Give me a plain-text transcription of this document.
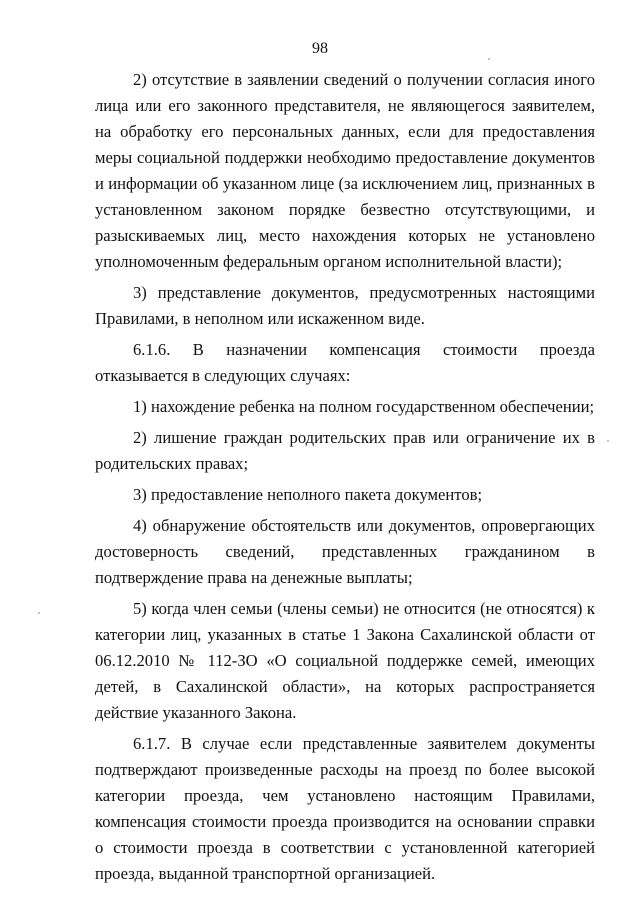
98

2) отсутствие в заявлении сведений о получении согласия иного лица или его законного представителя, не являющегося заявителем, на обработку его персональных данных, если для предоставления меры социальной поддержки необходимо предоставление документов и информации об указанном лице (за исключением лиц, признанных в установленном законом порядке безвестно отсутствующими, и разыскиваемых лиц, место нахождения которых не установлено уполномоченным федеральным органом исполнительной власти);

3) представление документов, предусмотренных настоящими Правилами, в неполном или искаженном виде.

6.1.6. В назначении компенсация стоимости проезда отказывается в следующих случаях:

1) нахождение ребенка на полном государственном обеспечении;

2) лишение граждан родительских прав или ограничение их в родительских правах;

3) предоставление неполного пакета документов;

4) обнаружение обстоятельств или документов, опровергающих достоверность сведений, представленных гражданином в подтверждение права на денежные выплаты;

5) когда член семьи (члены семьи) не относится (не относятся) к категории лиц, указанных в статье 1 Закона Сахалинской области от 06.12.2010 № 112-ЗО «О социальной поддержке семей, имеющих детей, в Сахалинской области», на которых распространяется действие указанного Закона.

6.1.7. В случае если представленные заявителем документы подтверждают произведенные расходы на проезд по более высокой категории проезда, чем установлено настоящим Правилами, компенсация стоимости проезда производится на основании справки о стоимости проезда в соответствии с установленной категорией проезда, выданной транспортной организацией.
